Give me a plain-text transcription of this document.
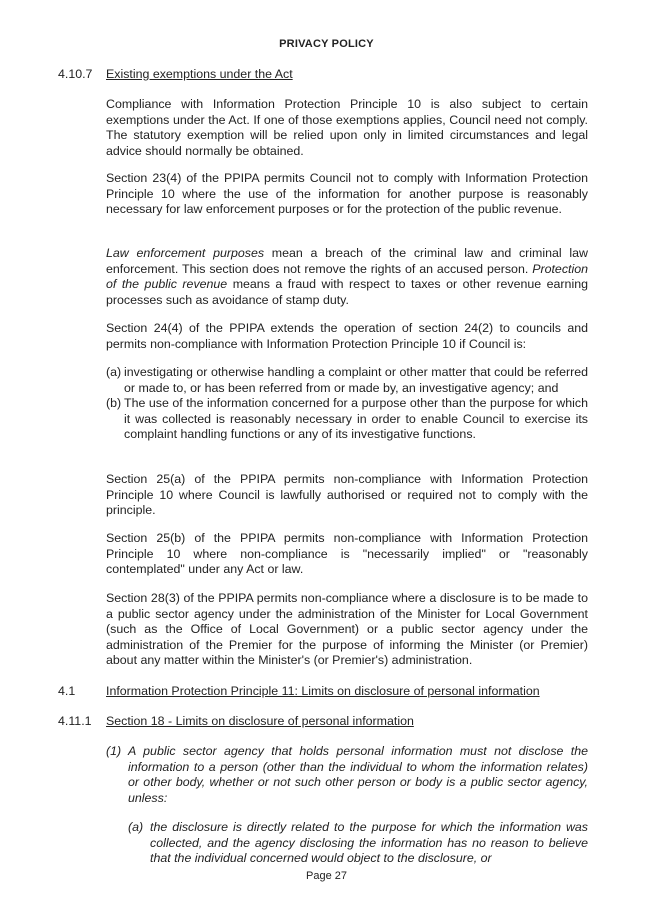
PRIVACY POLICY
4.10.7 Existing exemptions under the Act

Compliance with Information Protection Principle 10 is also subject to certain exemptions under the Act. If one of those exemptions applies, Council need not comply. The statutory exemption will be relied upon only in limited circumstances and legal advice should normally be obtained.

Section 23(4) of the PPIPA permits Council not to comply with Information Protection Principle 10 where the use of the information for another purpose is reasonably necessary for law enforcement purposes or for the protection of the public revenue.

Law enforcement purposes mean a breach of the criminal law and criminal law enforcement. This section does not remove the rights of an accused person. Protection of the public revenue means a fraud with respect to taxes or other revenue earning processes such as avoidance of stamp duty.

Section 24(4) of the PPIPA extends the operation of section 24(2) to councils and permits non-compliance with Information Protection Principle 10 if Council is:

(a) investigating or otherwise handling a complaint or other matter that could be referred or made to, or has been referred from or made by, an investigative agency; and
(b) The use of the information concerned for a purpose other than the purpose for which it was collected is reasonably necessary in order to enable Council to exercise its complaint handling functions or any of its investigative functions.

Section 25(a) of the PPIPA permits non-compliance with Information Protection Principle 10 where Council is lawfully authorised or required not to comply with the principle.

Section 25(b) of the PPIPA permits non-compliance with Information Protection Principle 10 where non-compliance is "necessarily implied" or "reasonably contemplated" under any Act or law.

Section 28(3) of the PPIPA permits non-compliance where a disclosure is to be made to a public sector agency under the administration of the Minister for Local Government (such as the Office of Local Government) or a public sector agency under the administration of the Premier for the purpose of informing the Minister (or Premier) about any matter within the Minister's (or Premier's) administration.

4.1 Information Protection Principle 11: Limits on disclosure of personal information
4.11.1 Section 18 - Limits on disclosure of personal information
(1) A public sector agency that holds personal information must not disclose the information to a person (other than the individual to whom the information relates) or other body, whether or not such other person or body is a public sector agency, unless:
(a) the disclosure is directly related to the purpose for which the information was collected, and the agency disclosing the information has no reason to believe that the individual concerned would object to the disclosure, or
Page 27
